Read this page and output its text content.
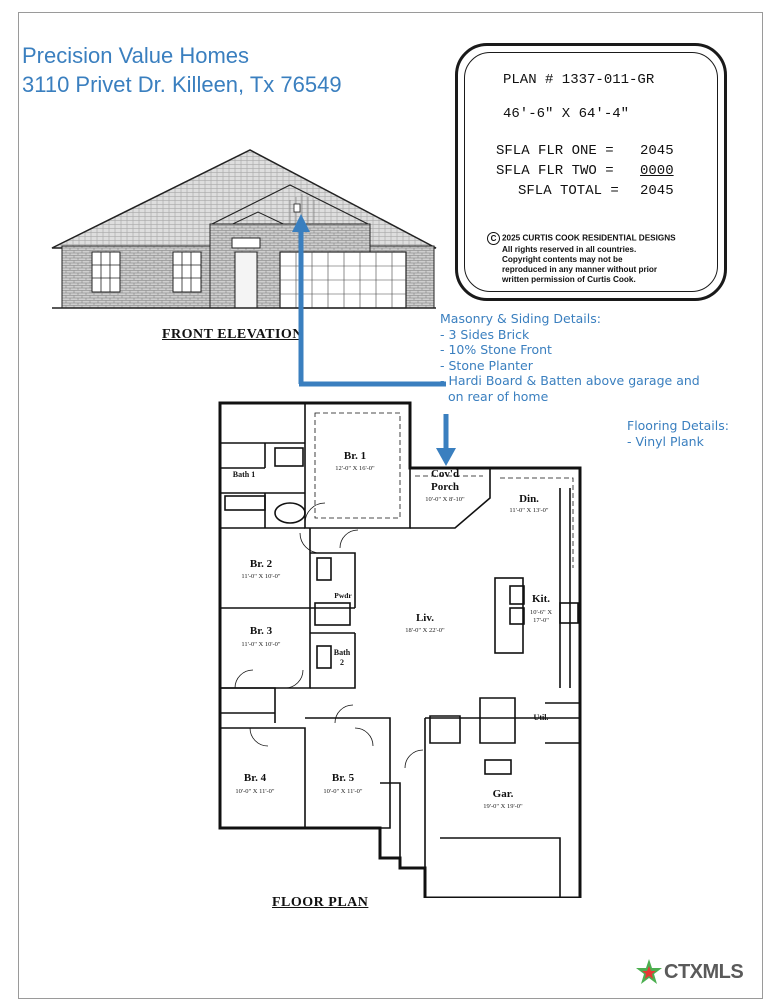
Precision Value Homes
3110 Privet Dr. Killeen, Tx 76549	PLAN # 1337-011-GR
46'-6" X 64'-4"
SFLA FLR ONE = 2045
SFLA FLR TWO = 0000
SFLA TOTAL = 2045
C 2025 CURTIS COOK RESIDENTIAL DESIGNS
All rights reserved in all countries.
Copyright contents may not be
reproduced in any manner without prior
written permission of Curtis Cook.
FRONT ELEVATION
Masonry & Siding Details:
- 3 Sides Brick
- 10% Stone Front
- Stone Planter
- Hardi Board & Batten above garage and
on rear of home
Flooring Details:
- Vinyl Plank
Br. 1
12'-0" X 16'-0"	Cov'd
Porch
10'-0" X 8'-10"	Din.
11'-0" X 13'-0"
Bath 1
Br. 2
11'-0" X 10'-0"
Pwdr
Liv.
18'-0" X 22'-0"
Kit.
10'-6" X
17'-0"
Br. 3
11'-0" X 10'-0"
Bath
2
Util.
Br. 4
10'-0" X 11'-0"
Br. 5
10'-0" X 11'-0"	Gar.
19'-0" X 19'-0"
FLOOR PLAN
CTXMLS
